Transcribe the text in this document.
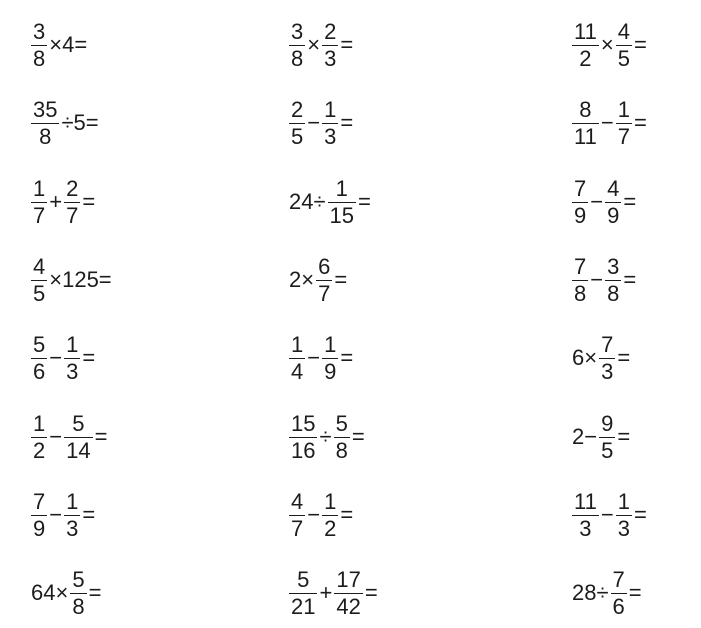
$\frac{3}{8} \times 4=$	$\frac{3}{8} \times \frac{2}{3}$ =	$\frac{11}{2} \times \frac{4}{5}$ =
$\frac{35}{8} \div 5=$	$\frac{2}{5} - \frac{1}{3}$ =	$\frac{8}{11} - \frac{1}{7}$ =
$\frac{1}{7} + \frac{2}{7}$ =	$24\div \frac{1}{15}$ =	$\frac{7}{9} - \frac{4}{9}$ =
$\frac{4}{5} \times 125=$	$2\times \frac{6}{7}$ =	$\frac{7}{8} - \frac{3}{8}$ =
$\frac{5}{6} - \frac{1}{3}$ =	$\frac{1}{4} - \frac{1}{9}$ =	$6\times \frac{7}{3}$ =
$\frac{1}{2} - \frac{5}{14}$ =	$\frac{15}{16} \div \frac{5}{8}$ =	$2- \frac{9}{5}$ =
$\frac{7}{9} - \frac{1}{3}$ =	$\frac{4}{7} - \frac{1}{2}$ =	$\frac{11}{3} - \frac{1}{3}$ =
$64\times \frac{5}{8}$ =	$\frac{5}{21} + \frac{17}{42}$ =	$28\div \frac{7}{6}$ =
